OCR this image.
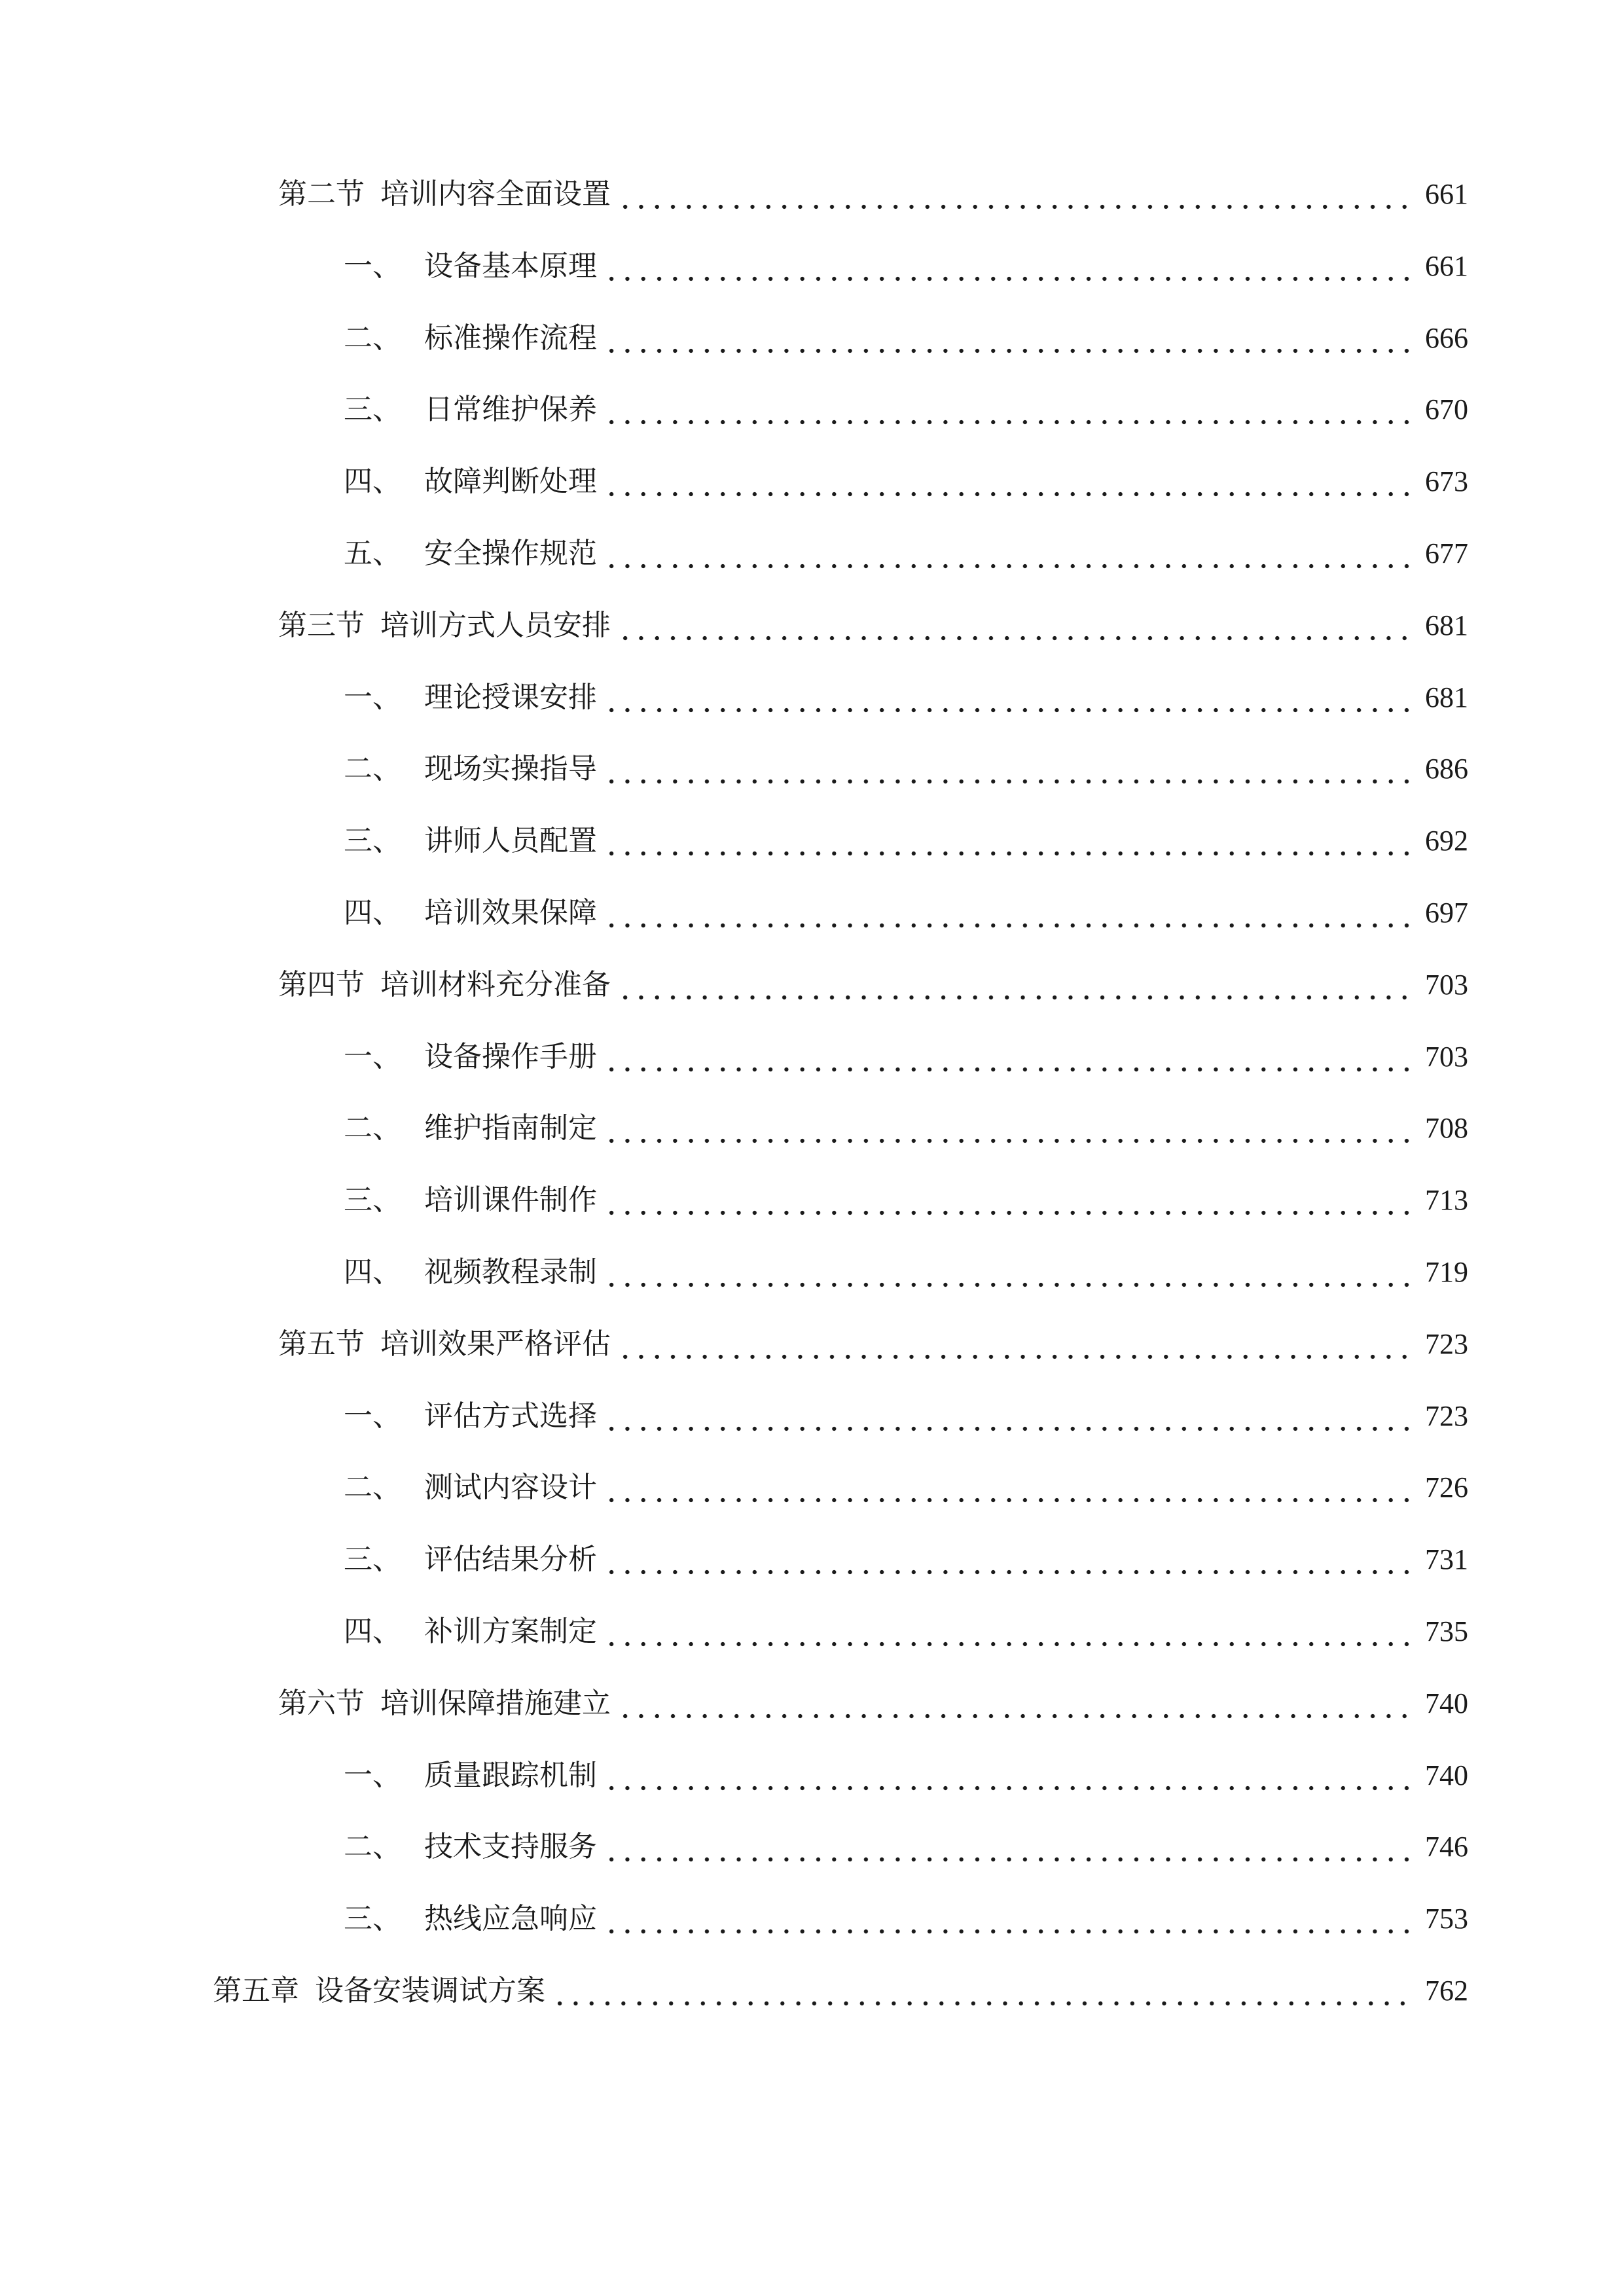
第二节 培训内容全面设置	661
一、 设备基本原理	661
二、 标准操作流程	666
三、 日常维护保养	670
四、 故障判断处理	673
五、 安全操作规范	677
第三节 培训方式人员安排	681
一、 理论授课安排	681
二、 现场实操指导	686
三、 讲师人员配置	692
四、 培训效果保障	697
第四节 培训材料充分准备	703
一、 设备操作手册	703
二、 维护指南制定	708
三、 培训课件制作	713
四、 视频教程录制	719
第五节 培训效果严格评估	723
一、 评估方式选择	723
二、 测试内容设计	726
三、 评估结果分析	731
四、 补训方案制定	735
第六节 培训保障措施建立	740
一、 质量跟踪机制	740
二、 技术支持服务	746
三、 热线应急响应	753
第五章 设备安装调试方案	762
